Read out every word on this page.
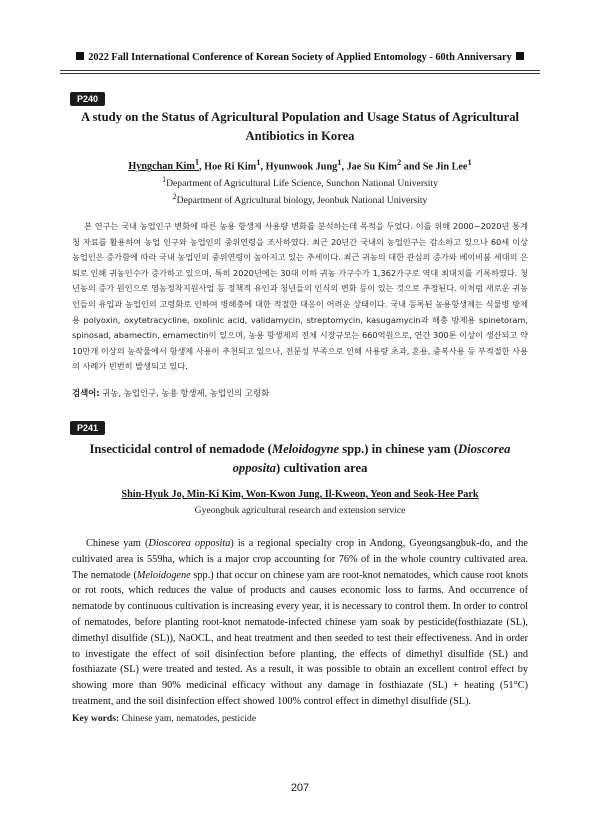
2022 Fall International Conference of Korean Society of Applied Entomology - 60th Anniversary
P240
A study on the Status of Agricultural Population and Usage Status of Agricultural
Antibiotics in Korea
Hyngchan Kim$^1$, Hoe Ri Kim$^1$, Hyunwook Jung$^1$, Jae Su Kim$^2$ and Se Jin Lee$^1$
$^1$Department of Agricultural Life Science, Sunchon National University
$^2$Department of Agricultural biology, Jeonbuk National University

본 연구는 국내 농업인구 변화에 따른 농용 항생제 사용량 변화를 분석하는데 목적을 두었다. 이를 위해 2000~2020년 통계청 자료를 활용하여 농업 인구와 농업인의 중위연령을 조사하였다. 최근 20년간 국내의 농업인구는 감소하고 있으나 60세 이상 농업인은 증가함에 따라 국내 농업인의 중위연령이 높아지고 있는 추세이다. 최근 귀농의 대한 관심의 증가와 베이비붐 세대의 은퇴로 인해 귀농인수가 증가하고 있으며, 특히 2020년에는 30대 이하 귀농 가구수가 1,362가구로 역대 최대치를 기록하였다. 청년농의 증가 원인으로 영농정착지원사업 등 정책적 유인과 청년들의 인식의 변화 등이 있는 것으로 추정된다. 이처럼 새로운 귀농인들의 유입과 농업인의 고령화로 인하여 병해충에 대한 적절한 대응이 어려운 상태이다. 국내 등록된 농용항생제는 식물병 방제용 polyoxin, oxytetracycline, oxolinic acid, validamycin, streptomycin, kasugamycin과 해충 방제용 spinetoram, spinosad, abamectin, emamectin이 있으며, 농용 항생제의 전체 시장규모는 660억원으로, 연간 300톤 이상이 생산되고 약 10만개 이상의 농작물에서 항생제 사용이 추천되고 있으나, 전문성 부족으로 인해 사용량 초과, 혼용, 중복사용 등 부적절한 사용의 사례가 빈번히 발생되고 있다.

검색어: 귀농, 농업인구, 농용 항생제, 농업인의 고령화
P241
Insecticidal control of nemadode (Meloidogyne spp.) in chinese yam (Dioscorea opposita) cultivation area
Shin-Hyuk Jo, Min-Ki Kim, Won-Kwon Jung, Il-Kweon, Yeon and Seok-Hee Park
Gyeongbuk agricultural research and extension service

Chinese yam (Dioscorea opposita) is a regional specialty crop in Andong, Gyeongsangbuk-do, and the cultivated area is 559ha, which is a major crop accounting for 76% of in the whole country cultivated area. The nematode (Meloidogene spp.) that occur on chinese yam are root-knot nematodes, which cause root knots or rot roots, which reduces the value of products and causes economic loss to farms. And occurrence of nematode by continuous cultivation is increasing every year, it is necessary to control them. In order to control of nematodes, before planting root-knot nematode-infected chinese yam soak by pesticide(fosthiazate (SL), dimethyl disulfide (SL)), NaOCL, and heat treatment and then seeded to test their effectiveness. And in order to investigate the effect of soil disinfection before planting, the effects of dimethyl disulfide (SL) and fosthiazate (SL) were treated and tested. As a result, it was possible to obtain an excellent control effect by showing more than 90% medicinal efficacy without any damage in fosthiazate (SL) + heating (51°C) treatment, and the soil disinfection effect showed 100% control effect in dimethyl disulfide (SL).

Key words: Chinese yam, nematodes, pesticide
207
